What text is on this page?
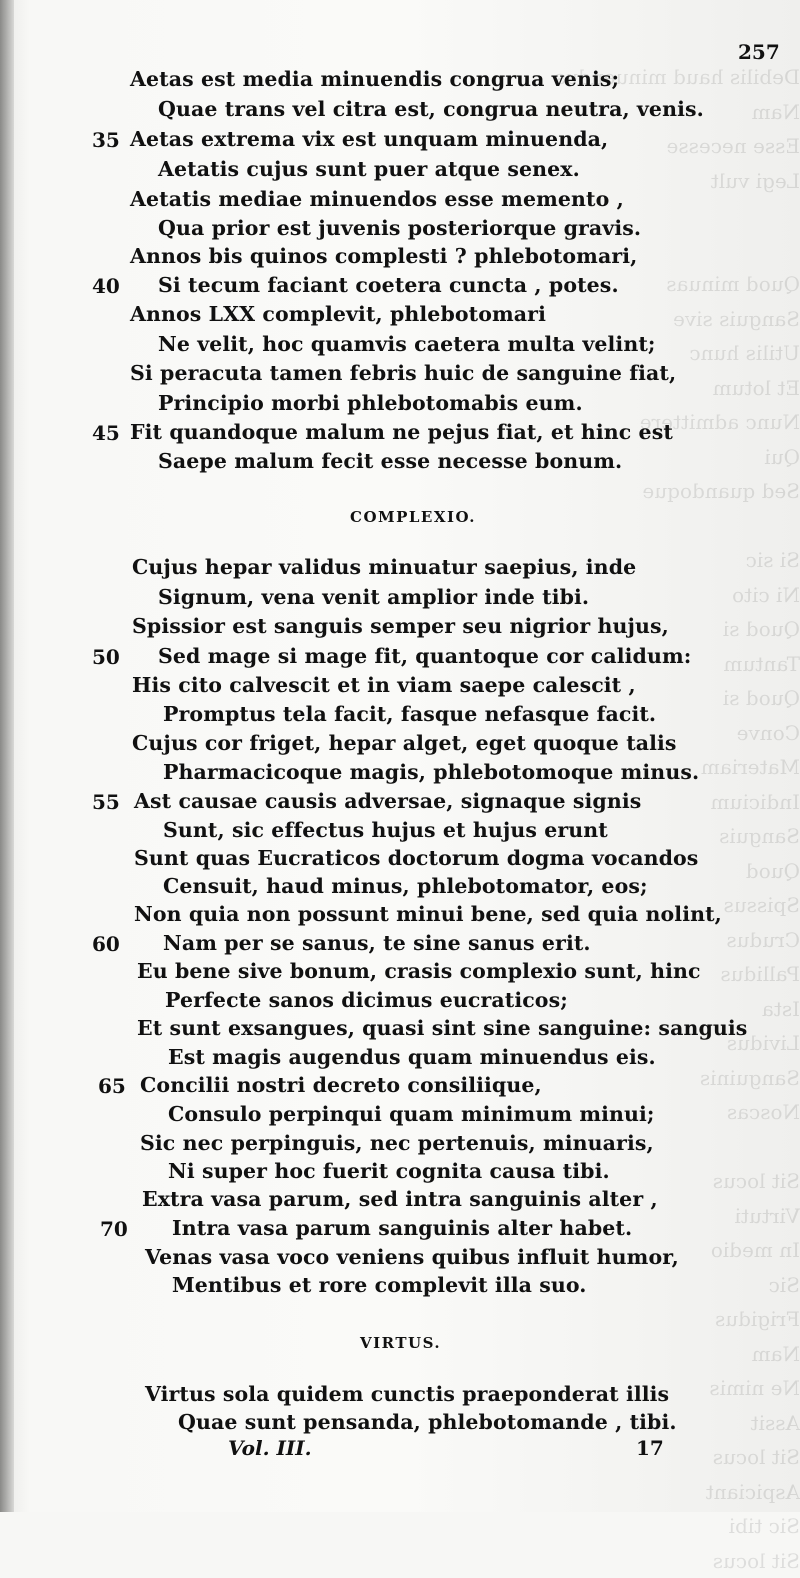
Debilis haud minuendus
Nam
Esse necesse
Legi vult

Quod minuas
Sanguis sive
Utilis hunc
Et lotum
Nunc admittere
Qui
Sed quandoque

Si sic
Ni cito
Quod si
Tantum
Quod si
Conve
Materiam
Indicium
Sanguis
Quod
Spissus
Crudus
Pallidus
Ista
Lividus
Sanguinis
Noscas

Sit locus
Virtuti
In medio
Sic
Frigidus
Nam
Ne nimis
Assit
Sit locus
Aspiciant
Sic tibi
Sit locus
257
Aetas est media minuendis congrua venis;
Quae trans vel citra est, congrua neutra, venis.
35 Aetas extrema vix est unquam minuenda,
Aetatis cujus sunt puer atque senex.
Aetatis mediae minuendos esse memento ,
Qua prior est juvenis posteriorque gravis.
Annos bis quinos complesti ? phlebotomari,
40 Si tecum faciant coetera cuncta , potes.
Annos LXX complevit, phlebotomari
Ne velit, hoc quamvis caetera multa velint;
Si peracuta tamen febris huic de sanguine fiat,
Principio morbi phlebotomabis eum.
45 Fit quandoque malum ne pejus fiat, et hinc est
Saepe malum fecit esse necesse bonum.
COMPLEXIO.
Cujus hepar validus minuatur saepius, inde
Signum, vena venit amplior inde tibi.
Spissior est sanguis semper seu nigrior hujus,
50 Sed mage si mage fit, quantoque cor calidum:
His cito calvescit et in viam saepe calescit ,
Promptus tela facit, fasque nefasque facit.
Cujus cor friget, hepar alget, eget quoque talis
Pharmacicoque magis, phlebotomoque minus.
55 Ast causae causis adversae, signaque signis
Sunt, sic effectus hujus et hujus erunt
Sunt quas Eucraticos doctorum dogma vocandos
Censuit, haud minus, phlebotomator, eos;
Non quia non possunt minui bene, sed quia nolint,
60 Nam per se sanus, te sine sanus erit.
Eu bene sive bonum, crasis complexio sunt, hinc
Perfecte sanos dicimus eucraticos;
Et sunt exsangues, quasi sint sine sanguine: sanguis
Est magis augendus quam minuendus eis.
65 Concilii nostri decreto consiliique,
Consulo perpinqui quam minimum minui;
Sic nec perpinguis, nec pertenuis, minuaris,
Ni super hoc fuerit cognita causa tibi.
Extra vasa parum, sed intra sanguinis alter ,
70 Intra vasa parum sanguinis alter habet.
Venas vasa voco veniens quibus influit humor,
Mentibus et rore complevit illa suo.
VIRTUS.
Virtus sola quidem cunctis praeponderat illis
Quae sunt pensanda, phlebotomande , tibi.
Vol. III.	17
